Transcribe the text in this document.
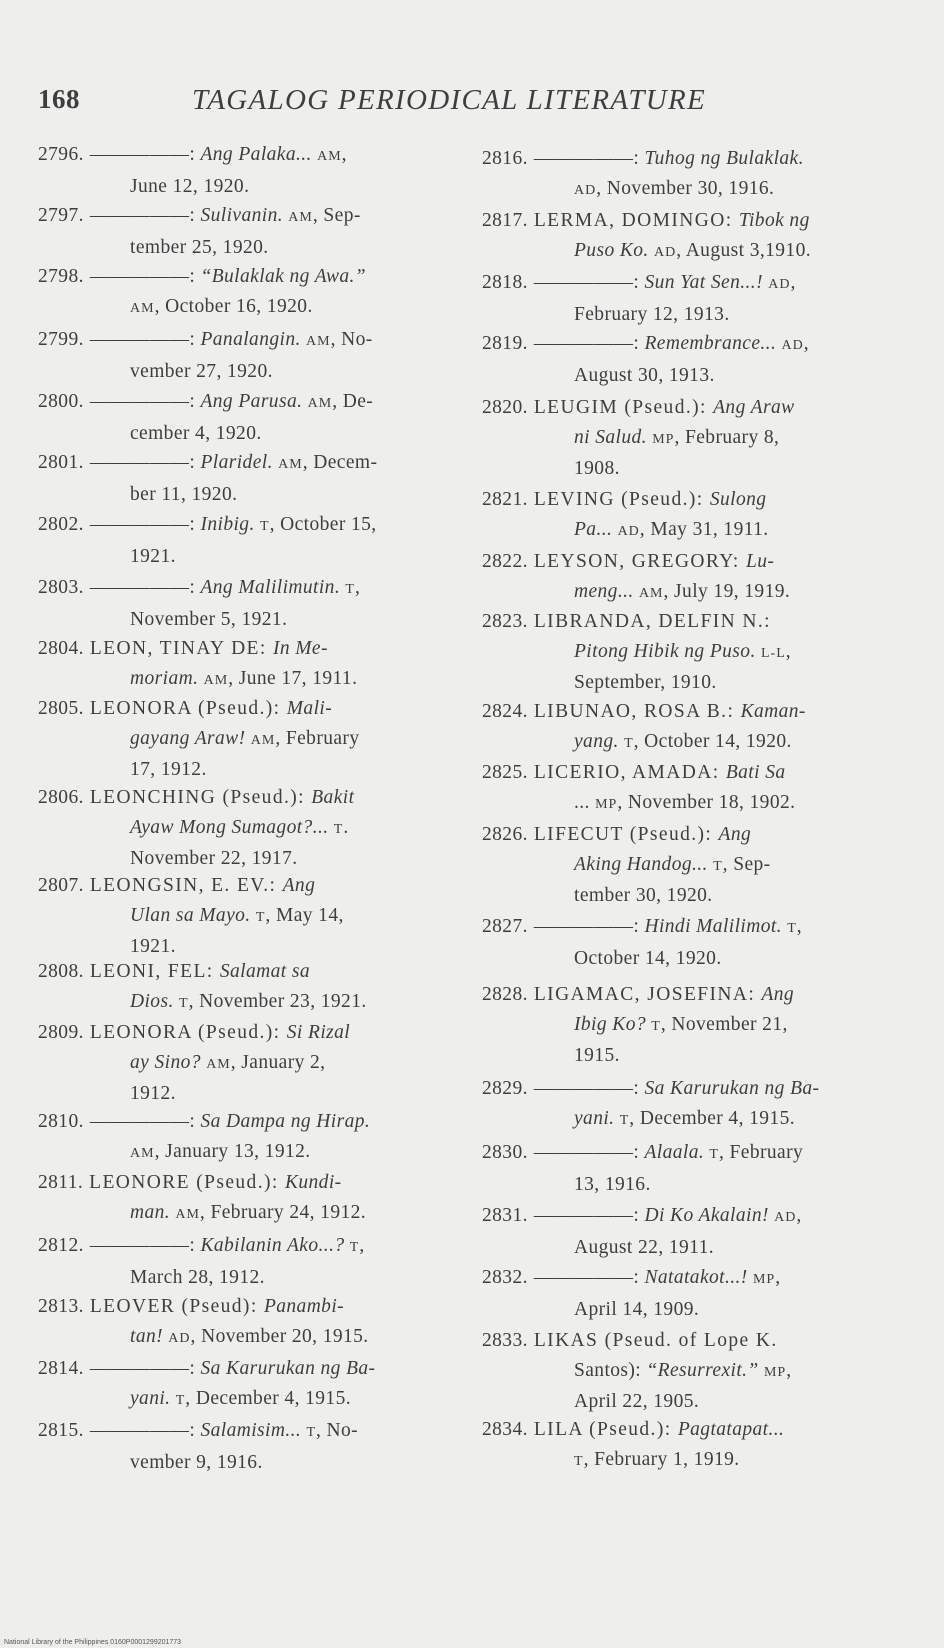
168	TAGALOG PERIODICAL LITERATURE
2796. —————: Ang Palaka... AM,
June 12, 1920.
2797. —————: Sulivanin. AM, Sep-
tember 25, 1920.
2798. —————: “Bulaklak ng Awa.”
AM, October 16, 1920.
2799. —————: Panalangin. AM, No-
vember 27, 1920.
2800. —————: Ang Parusa. AM, De-
cember 4, 1920.
2801. —————: Plaridel. AM, Decem-
ber 11, 1920.
2802. —————: Inibig. T, October 15,
1921.
2803. —————: Ang Malilimutin. T,
November 5, 1921.
2804. LEON, TINAY DE: In Me-
moriam. AM, June 17, 1911.
2805. LEONORA (Pseud.): Mali-
gayang Araw! AM, February
17, 1912.
2806. LEONCHING (Pseud.): Bakit
Ayaw Mong Sumagot?... T.
November 22, 1917.
2807. LEONGSIN, E. EV.: Ang
Ulan sa Mayo. T, May 14,
1921.
2808. LEONI, FEL: Salamat sa
Dios. T, November 23, 1921.
2809. LEONORA (Pseud.): Si Rizal
ay Sino? AM, January 2,
1912.
2810. —————: Sa Dampa ng Hirap.
AM, January 13, 1912.
2811. LEONORE (Pseud.): Kundi-
man. AM, February 24, 1912.
2812. —————: Kabilanin Ako...? T,
March 28, 1912.
2813. LEOVER (Pseud): Panambi-
tan! AD, November 20, 1915.
2814. —————: Sa Karurukan ng Ba-
yani. T, December 4, 1915.
2815. —————: Salamisim... T, No-
vember 9, 1916.
2816. —————: Tuhog ng Bulaklak.
AD, November 30, 1916.
2817. LERMA, DOMINGO: Tibok ng
Puso Ko. AD, August 3,1910.
2818. —————: Sun Yat Sen...! AD,
February 12, 1913.
2819. —————: Remembrance... AD,
August 30, 1913.
2820. LEUGIM (Pseud.): Ang Araw
ni Salud. MP, February 8,
1908.
2821. LEVING (Pseud.): Sulong
Pa... AD, May 31, 1911.
2822. LEYSON, GREGORY: Lu-
meng... AM, July 19, 1919.
2823. LIBRANDA, DELFIN N.:
Pitong Hibik ng Puso. L-L,
September, 1910.
2824. LIBUNAO, ROSA B.: Kaman-
yang. T, October 14, 1920.
2825. LICERIO, AMADA: Bati Sa
... MP, November 18, 1902.
2826. LIFECUT (Pseud.): Ang
Aking Handog... T, Sep-
tember 30, 1920.
2827. —————: Hindi Malilimot. T,
October 14, 1920.
2828. LIGAMAC, JOSEFINA: Ang
Ibig Ko? T, November 21,
1915.
2829. —————: Sa Karurukan ng Ba-
yani. T, December 4, 1915.
2830. —————: Alaala. T, February
13, 1916.
2831. —————: Di Ko Akalain! AD,
August 22, 1911.
2832. —————: Natatakot...! MP,
April 14, 1909.
2833. LIKAS (Pseud. of Lope K.
Santos): “Resurrexit.” MP,
April 22, 1905.
2834. LILA (Pseud.): Pagtatapat...
T, February 1, 1919.
National Library of the Philippines 0160P0001299201773
